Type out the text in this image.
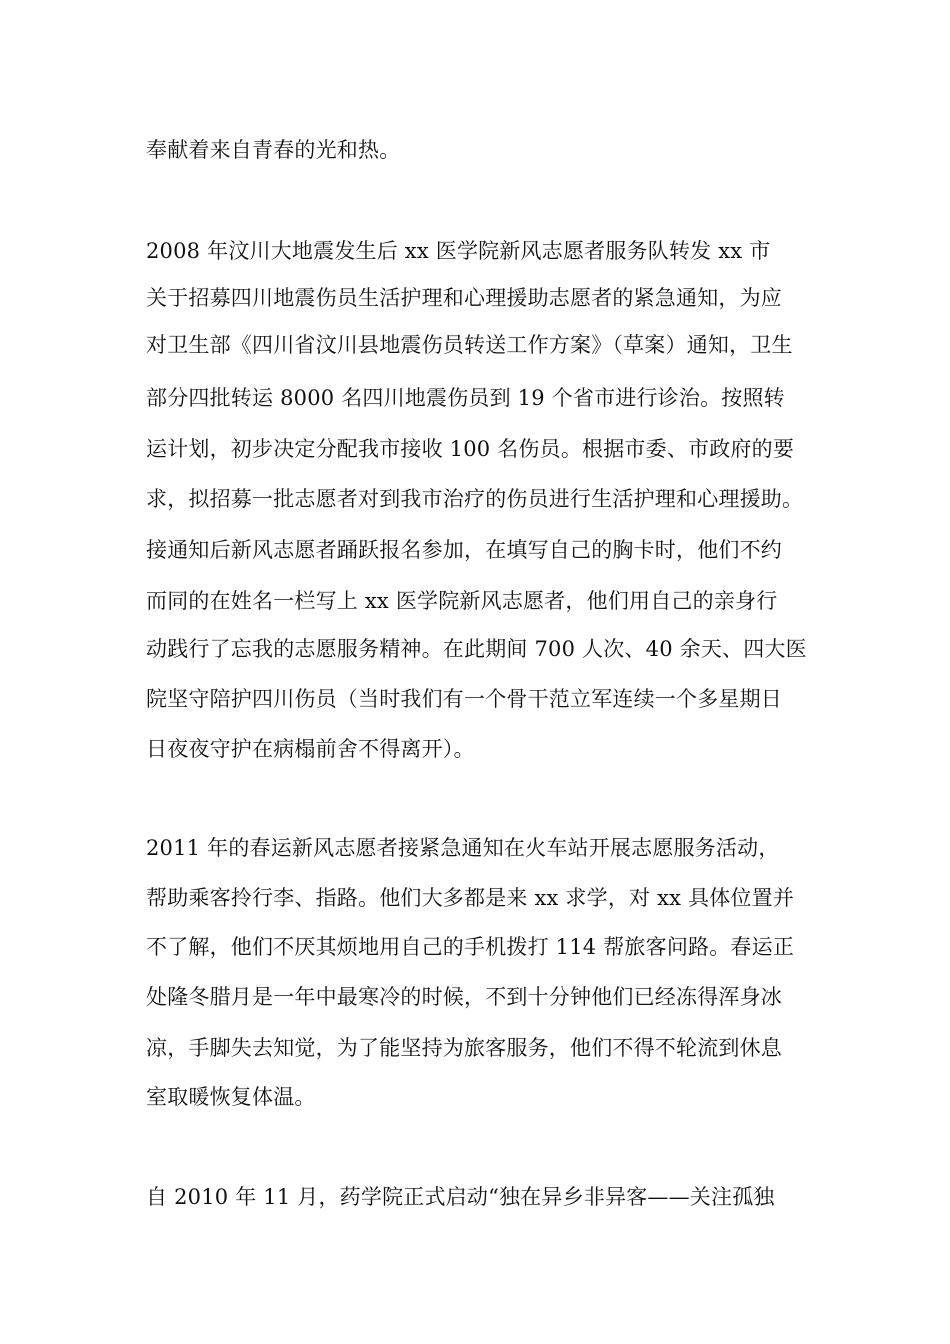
奉献着来自青春的光和热。
2008 年汶川大地震发生后 xx 医学院新风志愿者服务队转发 xx 市
关于招募四川地震伤员生活护理和心理援助志愿者的紧急通知，为应
对卫生部《四川省汶川县地震伤员转送工作方案》（草案）通知，卫生
部分四批转运 8000 名四川地震伤员到 19 个省市进行诊治。按照转
运计划，初步决定分配我市接收 100 名伤员。根据市委、市政府的要
求，拟招募一批志愿者对到我市治疗的伤员进行生活护理和心理援助。
接通知后新风志愿者踊跃报名参加，在填写自己的胸卡时，他们不约
而同的在姓名一栏写上 xx 医学院新风志愿者，他们用自己的亲身行
动践行了忘我的志愿服务精神。在此期间 700 人次、40 余天、四大医
院坚守陪护四川伤员（当时我们有一个骨干范立军连续一个多星期日
日夜夜守护在病榻前舍不得离开）。
2011 年的春运新风志愿者接紧急通知在火车站开展志愿服务活动，
帮助乘客拎行李、指路。他们大多都是来 xx 求学，对 xx 具体位置并
不了解，他们不厌其烦地用自己的手机拨打 114 帮旅客问路。春运正
处隆冬腊月是一年中最寒冷的时候，不到十分钟他们已经冻得浑身冰
凉，手脚失去知觉，为了能坚持为旅客服务，他们不得不轮流到休息
室取暖恢复体温。
自 2010 年 11 月，药学院正式启动“独在异乡非异客——关注孤独
